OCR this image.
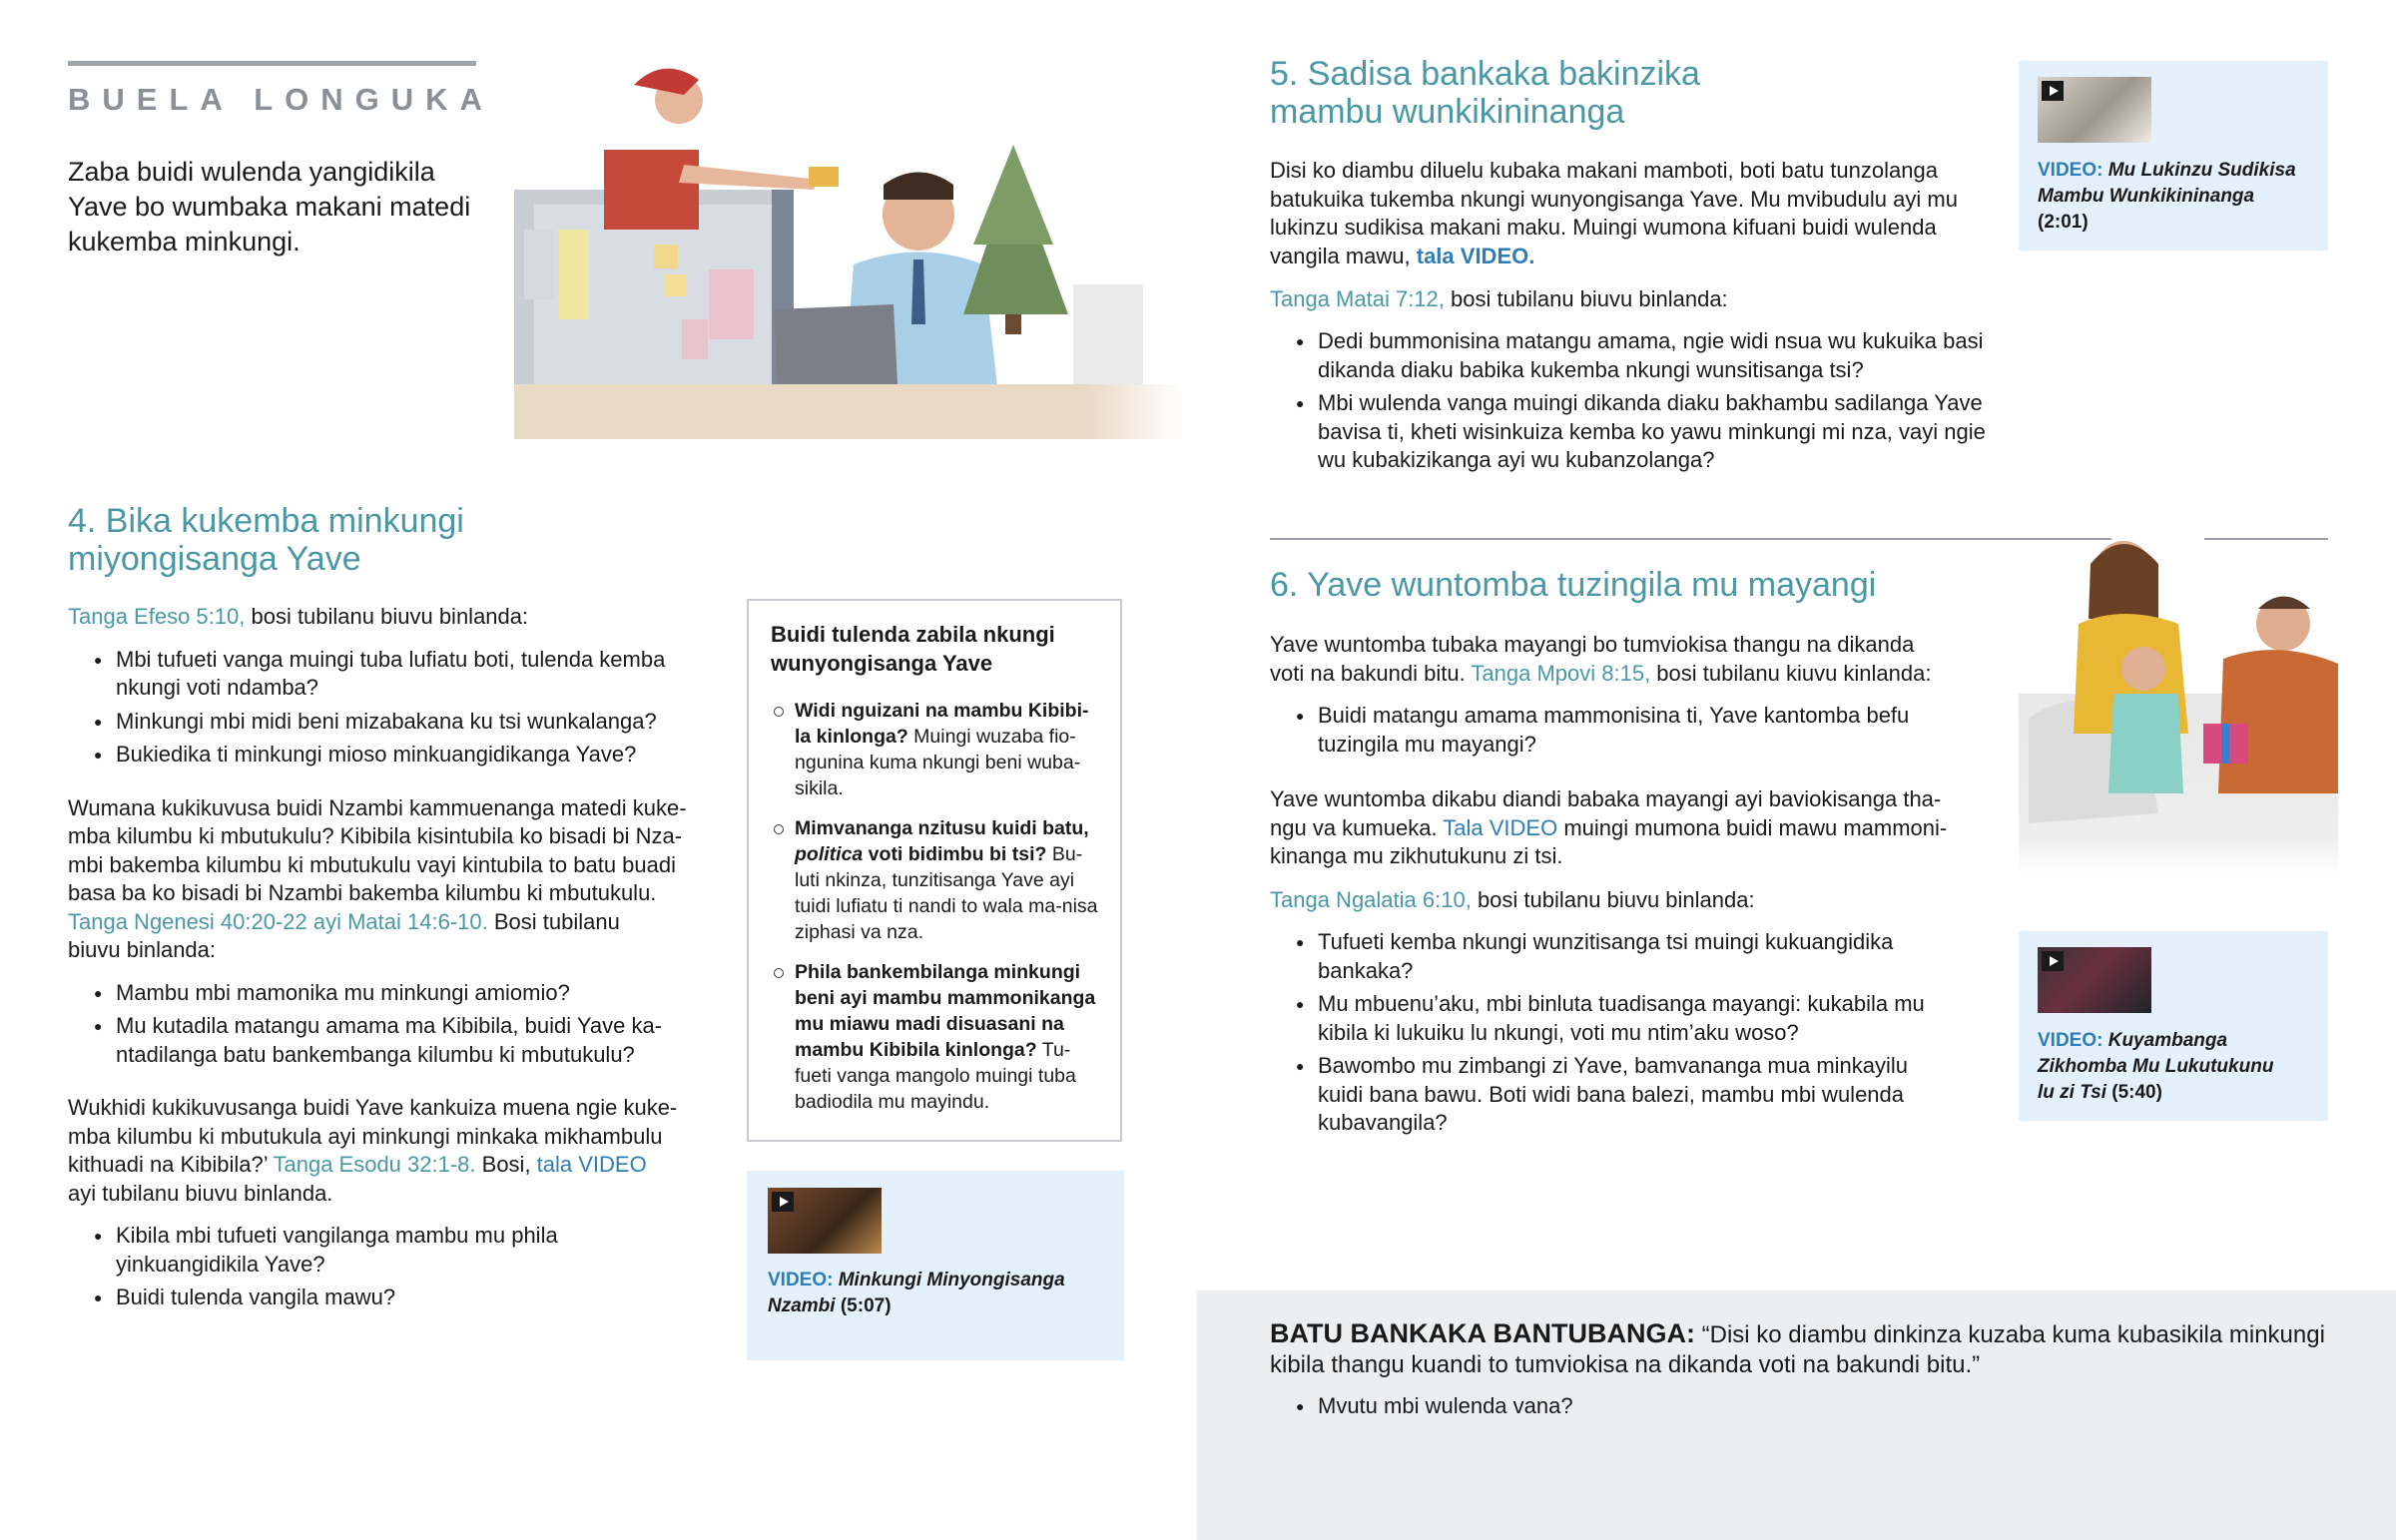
BUELA LONGUKA
Zaba buidi wulenda yangidikila Yave bo wumbaka makani matedi kukemba minkungi.
4. Bika kukemba minkungi
miyongisanga Yave

Tanga Efeso 5:10, bosi tubilanu biuvu binlanda:

● Mbi tufueti vanga muingi tuba lufiatu boti, tulenda kemba nkungi voti ndamba?
● Minkungi mbi midi beni mizabakana ku tsi wunkalanga?
● Bukiedika ti minkungi mioso minkuangidikanga Yave?
Wumana kukikuvusa buidi Nzambi kammuenanga matedi kuke-
mba kilumbu ki mbutukulu? Kibibila kisintubila ko bisadi bi Nza-
mbi bakemba kilumbu ki mbutukulu vayi kintubila to batu buadi
basa ba ko bisadi bi Nzambi bakemba kilumbu ki mbutukulu.
Tanga Ngenesi 40:20-22 ayi Matai 14:6-10. Bosi tubilanu
biuvu binlanda:
● Mambu mbi mamonika mu minkungi amiomio?
● Mu kutadila matangu amama ma Kibibila, buidi Yave ka-ntadilanga batu bankembanga kilumbu ki mbutukulu?
Wukhidi kukikuvusanga buidi Yave kankuiza muena ngie kuke-
mba kilumbu ki mbutukula ayi minkungi minkaka mikhambulu
kithuadi na Kibibila?’ Tanga Esodu 32:1-8. Bosi, tala VIDEO
ayi tubilanu biuvu binlanda.
● Kibila mbi tufueti vangilanga mambu mu phila yinkuangidikila Yave?
● Buidi tulenda vangila mawu?
Buidi tulenda zabila nkungi
wunyongisanga Yave
Widi nguizani na mambu Kibibi-la kinlonga? Muingi wuzaba fio-ngunina kuma nkungi beni wuba-sikila.
Mimvananga nzitusu kuidi batu, politica voti bidimbu bi tsi? Bu-luti nkinza, tunzitisanga Yave ayi tuidi lufiatu ti nandi to wala ma-nisa ziphasi va nza.
Phila bankembilanga minkungi beni ayi mambu mammonikanga mu miawu madi disuasani na mambu Kibibila kinlonga? Tu-fueti vanga mangolo muingi tuba badiodila mu mayindu.
VIDEO: Minkungi Minyongisanga
Nzambi (5:07)
5. Sadisa bankaka bakinzika
mambu wunkikininanga
Disi ko diambu diluelu kubaka makani mamboti, boti batu tunzolanga
batukuika tukemba nkungi wunyongisanga Yave. Mu mvibudulu ayi mu
lukinzu sudikisa makani maku. Muingi wumona kifuani buidi wulenda
vangila mawu, tala VIDEO.

Tanga Matai 7:12, bosi tubilanu biuvu binlanda:

● Dedi bummonisina matangu amama, ngie widi nsua wu kukuika basi dikanda diaku babika kukemba nkungi wunsitisanga tsi?
● Mbi wulenda vanga muingi dikanda diaku bakhambu sadilanga Yave bavisa ti, kheti wisinkuiza kemba ko yawu minkungi mi nza, vayi ngie wu kubakizikanga ayi wu kubanzolanga?
VIDEO: Mu Lukinzu Sudikisa
Mambu Wunkikininanga
(2:01)
6. Yave wuntomba tuzingila mu mayangi
Yave wuntomba tubaka mayangi bo tumviokisa thangu na dikanda
voti na bakundi bitu. Tanga Mpovi 8:15, bosi tubilanu kiuvu kinlanda:
● Buidi matangu amama mammonisina ti, Yave kantomba befu tuzingila mu mayangi?
Yave wuntomba dikabu diandi babaka mayangi ayi baviokisanga tha-
ngu va kumueka. Tala VIDEO muingi mumona buidi mawu mammoni-
kinanga mu zikhutukunu zi tsi.

Tanga Ngalatia 6:10, bosi tubilanu biuvu binlanda:

● Tufueti kemba nkungi wunzitisanga tsi muingi kukuangidika bankaka?
● Mu mbuenu’aku, mbi binluta tuadisanga mayangi: kukabila mu kibila ki lukuiku lu nkungi, voti mu ntim’aku woso?
● Bawombo mu zimbangi zi Yave, bamvananga mua minkayilu kuidi bana bawu. Boti widi bana balezi, mambu mbi wulenda kubavangila?
VIDEO: Kuyambanga
Zikhomba Mu Lukutukunu
lu zi Tsi (5:40)
BATU BANKAKA BANTUBANGA: “Disi ko diambu dinkinza kuzaba kuma kubasikila minkungi
kibila thangu kuandi to tumviokisa na dikanda voti na bakundi bitu.”
● Mvutu mbi wulenda vana?
